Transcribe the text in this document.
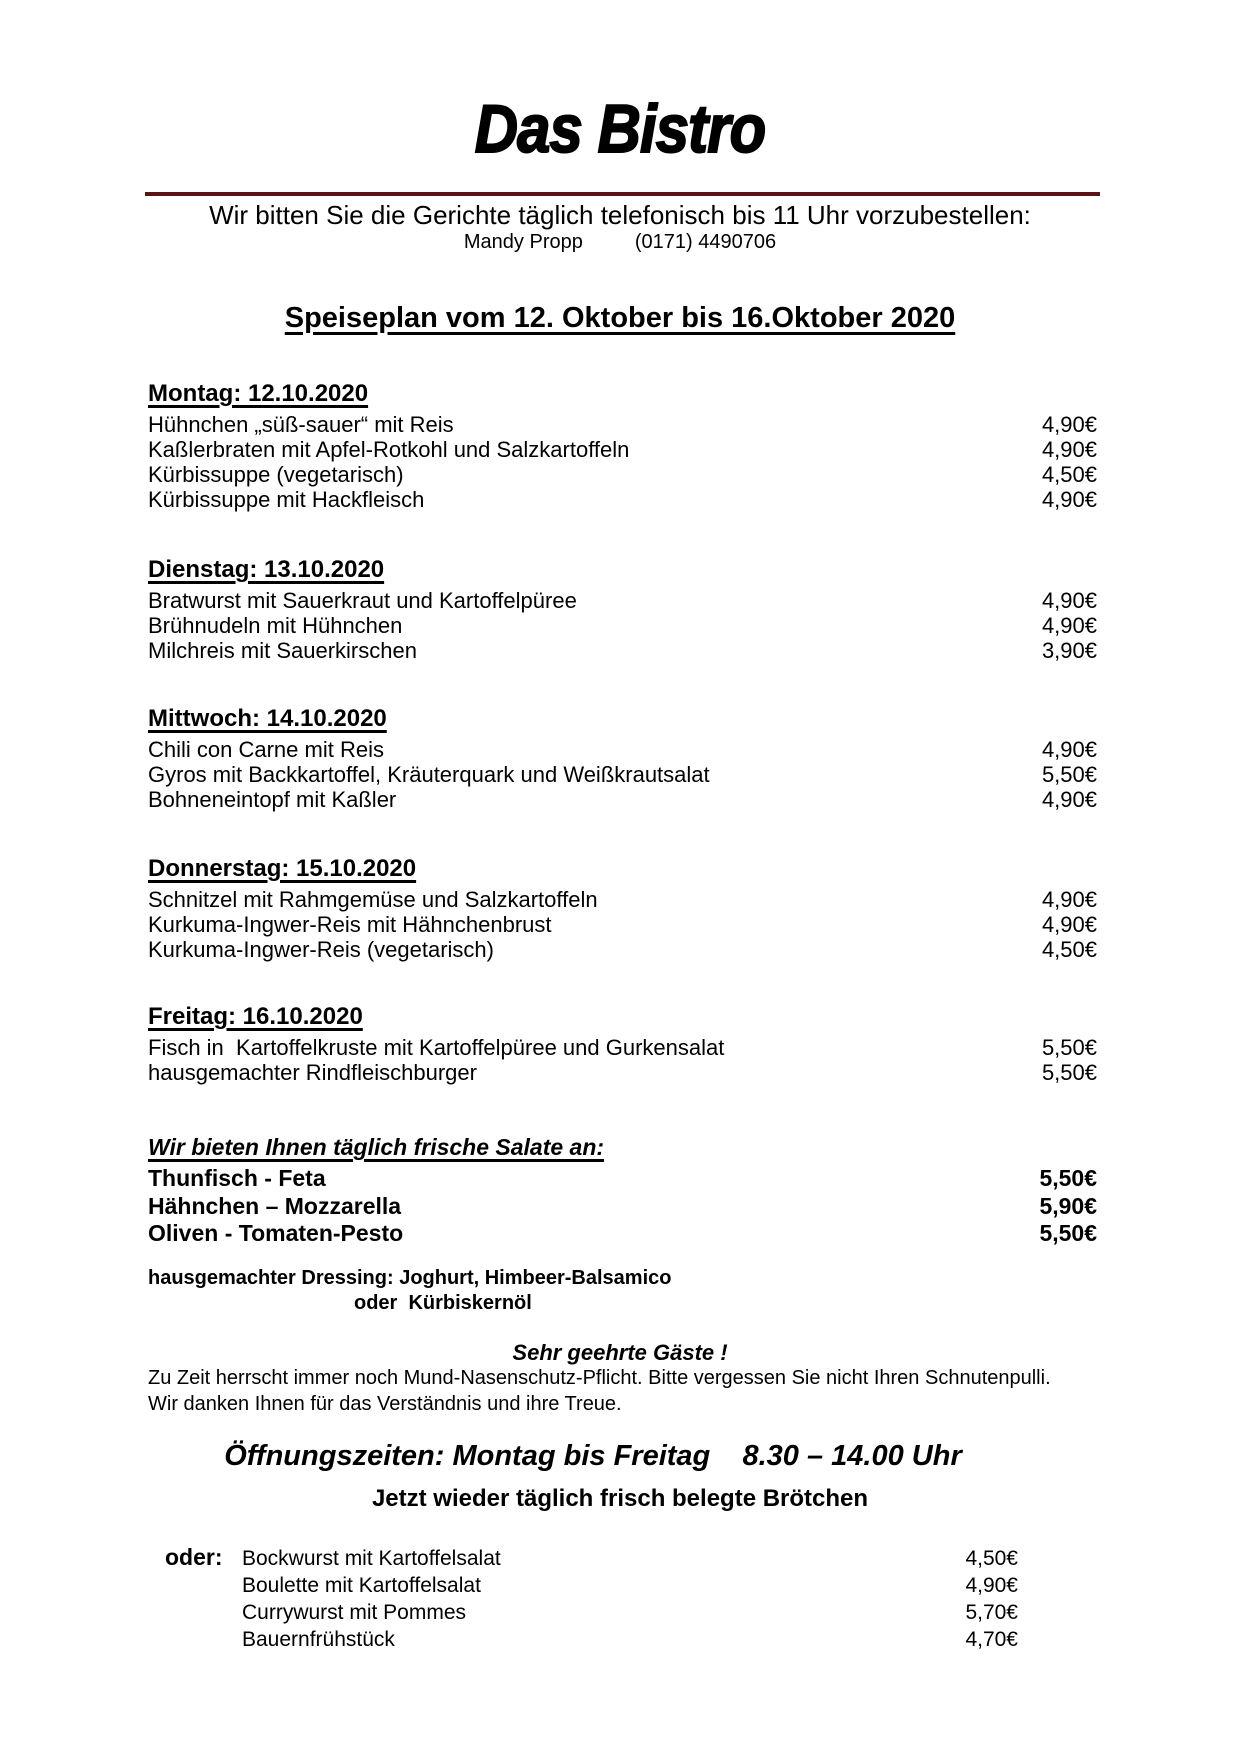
Das Bistro
Wir bitten Sie die Gerichte täglich telefonisch bis 11 Uhr vorzubestellen:
Mandy Propp	(0171) 4490706
Speiseplan vom 12. Oktober bis 16.Oktober 2020
Montag: 12.10.2020
Hühnchen „süß-sauer“ mit Reis	4,90€
Kaßlerbraten mit Apfel-Rotkohl und Salzkartoffeln	4,90€
Kürbissuppe (vegetarisch)	4,50€
Kürbissuppe mit Hackfleisch	4,90€
Dienstag: 13.10.2020
Bratwurst mit Sauerkraut und Kartoffelpüree	4,90€
Brühnudeln mit Hühnchen	4,90€
Milchreis mit Sauerkirschen	3,90€
Mittwoch: 14.10.2020
Chili con Carne mit Reis	4,90€
Gyros mit Backkartoffel, Kräuterquark und Weißkrautsalat	5,50€
Bohneneintopf mit Kaßler	4,90€
Donnerstag: 15.10.2020
Schnitzel mit Rahmgemüse und Salzkartoffeln	4,90€
Kurkuma-Ingwer-Reis mit Hähnchenbrust	4,90€
Kurkuma-Ingwer-Reis (vegetarisch)	4,50€
Freitag: 16.10.2020
Fisch in  Kartoffelkruste mit Kartoffelpüree und Gurkensalat	5,50€
hausgemachter Rindfleischburger	5,50€
Wir bieten Ihnen täglich frische Salate an:
Thunfisch - Feta	5,50€
Hähnchen – Mozzarella	5,90€
Oliven - Tomaten-Pesto	5,50€
hausgemachter Dressing: Joghurt, Himbeer-Balsamico
oder  Kürbiskernöl
Sehr geehrte Gäste !
Zu Zeit herrscht immer noch Mund-Nasenschutz-Pflicht. Bitte vergessen Sie nicht Ihren Schnutenpulli.
Wir danken Ihnen für das Verständnis und ihre Treue.
Öffnungszeiten: Montag bis Freitag    8.30 – 14.00 Uhr
Jetzt wieder täglich frisch belegte Brötchen
oder: Bockwurst mit Kartoffelsalat	4,50€
Boulette mit Kartoffelsalat	4,90€
Currywurst mit Pommes	5,70€
Bauernfrühstück	4,70€
